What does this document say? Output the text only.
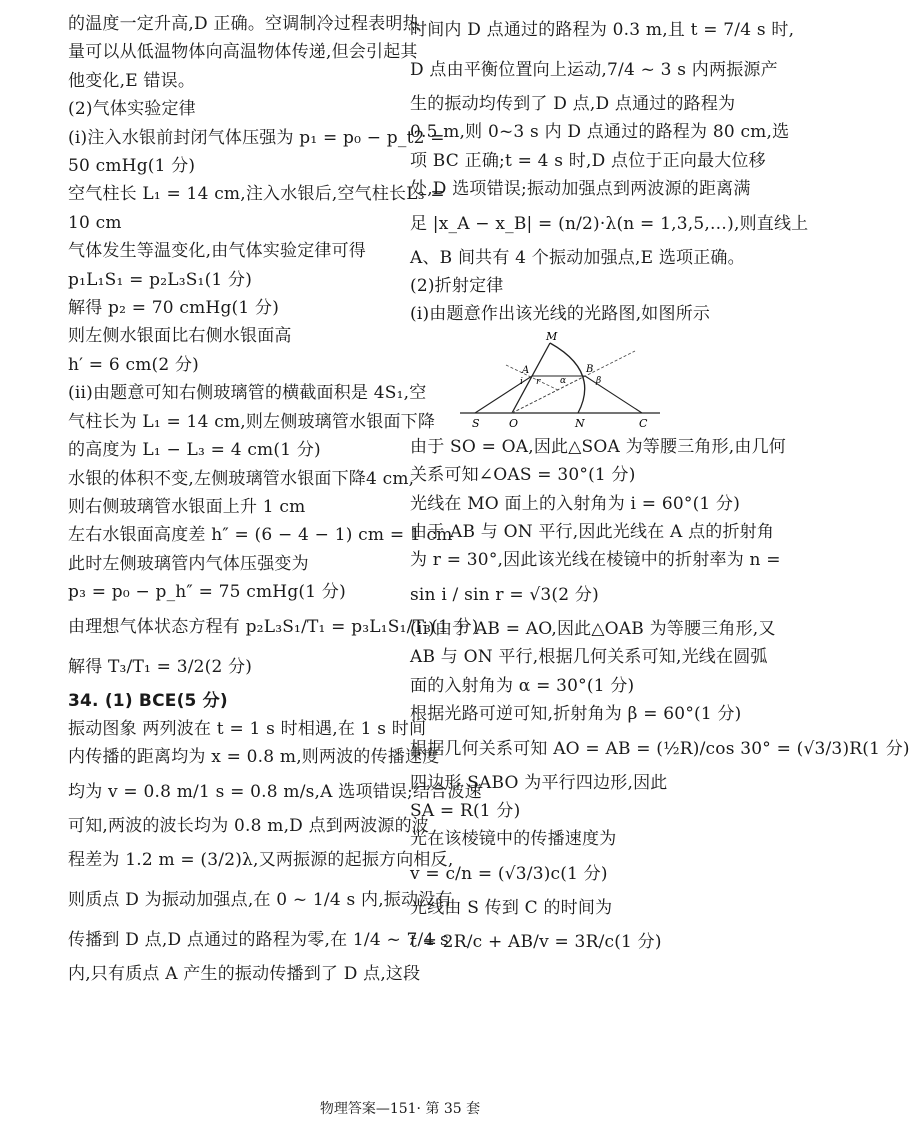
的温度一定升高,D 正确。空调制冷过程表明热
量可以从低温物体向高温物体传递,但会引起其
他变化,E 错误。
(2)气体实验定律
(i)注入水银前封闭气体压强为 p₁ = p₀ − p_t2 =
50 cmHg(1 分)
空气柱长 L₁ = 14 cm,注入水银后,空气柱长L₃ =
10 cm
气体发生等温变化,由气体实验定律可得
p₁L₁S₁ = p₂L₃S₁(1 分)
解得 p₂ = 70 cmHg(1 分)
则左侧水银面比右侧水银面高
h′ = 6 cm(2 分)
(ii)由题意可知右侧玻璃管的横截面积是 4S₁,空
气柱长为 L₁ = 14 cm,则左侧玻璃管水银面下降
的高度为 L₁ − L₃ = 4 cm(1 分)
水银的体积不变,左侧玻璃管水银面下降4 cm,
则右侧玻璃管水银面上升 1 cm
左右水银面高度差 h″ = (6 − 4 − 1) cm = 1 cm
此时左侧玻璃管内气体压强变为
p₃ = p₀ − p_h″ = 75 cmHg(1 分)
由理想气体状态方程有 p₂L₃S₁/T₁ = p₃L₁S₁/T₃(1 分)
解得 T₃/T₁ = 3/2(2 分)
34. (1) BCE(5 分)
振动图象 两列波在 t = 1 s 时相遇,在 1 s 时间
内传播的距离均为 x = 0.8 m,则两波的传播速度
均为 v = 0.8 m/1 s = 0.8 m/s,A 选项错误;结合波速
可知,两波的波长均为 0.8 m,D 点到两波源的波
程差为 1.2 m = (3/2)λ,又两振源的起振方向相反,
则质点 D 为振动加强点,在 0 ~ 1/4 s 内,振动没有
传播到 D 点,D 点通过的路程为零,在 1/4 ~ 7/4 s
内,只有质点 A 产生的振动传播到了 D 点,这段
时间内 D 点通过的路程为 0.3 m,且 t = 7/4 s 时,
D 点由平衡位置向上运动,7/4 ~ 3 s 内两振源产
生的振动均传到了 D 点,D 点通过的路程为
0.5 m,则 0~3 s 内 D 点通过的路程为 80 cm,选
项 BC 正确;t = 4 s 时,D 点位于正向最大位移
处,D 选项错误;振动加强点到两波源的距离满
足 |x_A − x_B| = (n/2)·λ(n = 1,3,5,…),则直线上
A、B 间共有 4 个振动加强点,E 选项正确。
(2)折射定律
(i)由题意作出该光线的光路图,如图所示
M
A	B
i r α	β
S	O	N	C
由于 SO = OA,因此△SOA 为等腰三角形,由几何
关系可知∠OAS = 30°(1 分)
光线在 MO 面上的入射角为 i = 60°(1 分)
由于 AB 与 ON 平行,因此光线在 A 点的折射角
为 r = 30°,因此该光线在棱镜中的折射率为 n =
sin i / sin r = √3(2 分)
(ii)由于 AB = AO,因此△OAB 为等腰三角形,又
AB 与 ON 平行,根据几何关系可知,光线在圆弧
面的入射角为 α = 30°(1 分)
根据光路可逆可知,折射角为 β = 60°(1 分)
根据几何关系可知 AO = AB = (½R)/cos 30° = (√3/3)R(1 分)
四边形 SABO 为平行四边形,因此
SA = R(1 分)
光在该棱镜中的传播速度为
v = c/n = (√3/3)c(1 分)
光线由 S 传到 C 的时间为
t = 2R/c + AB/v = 3R/c(1 分)
物理答案—151· 第 35 套
